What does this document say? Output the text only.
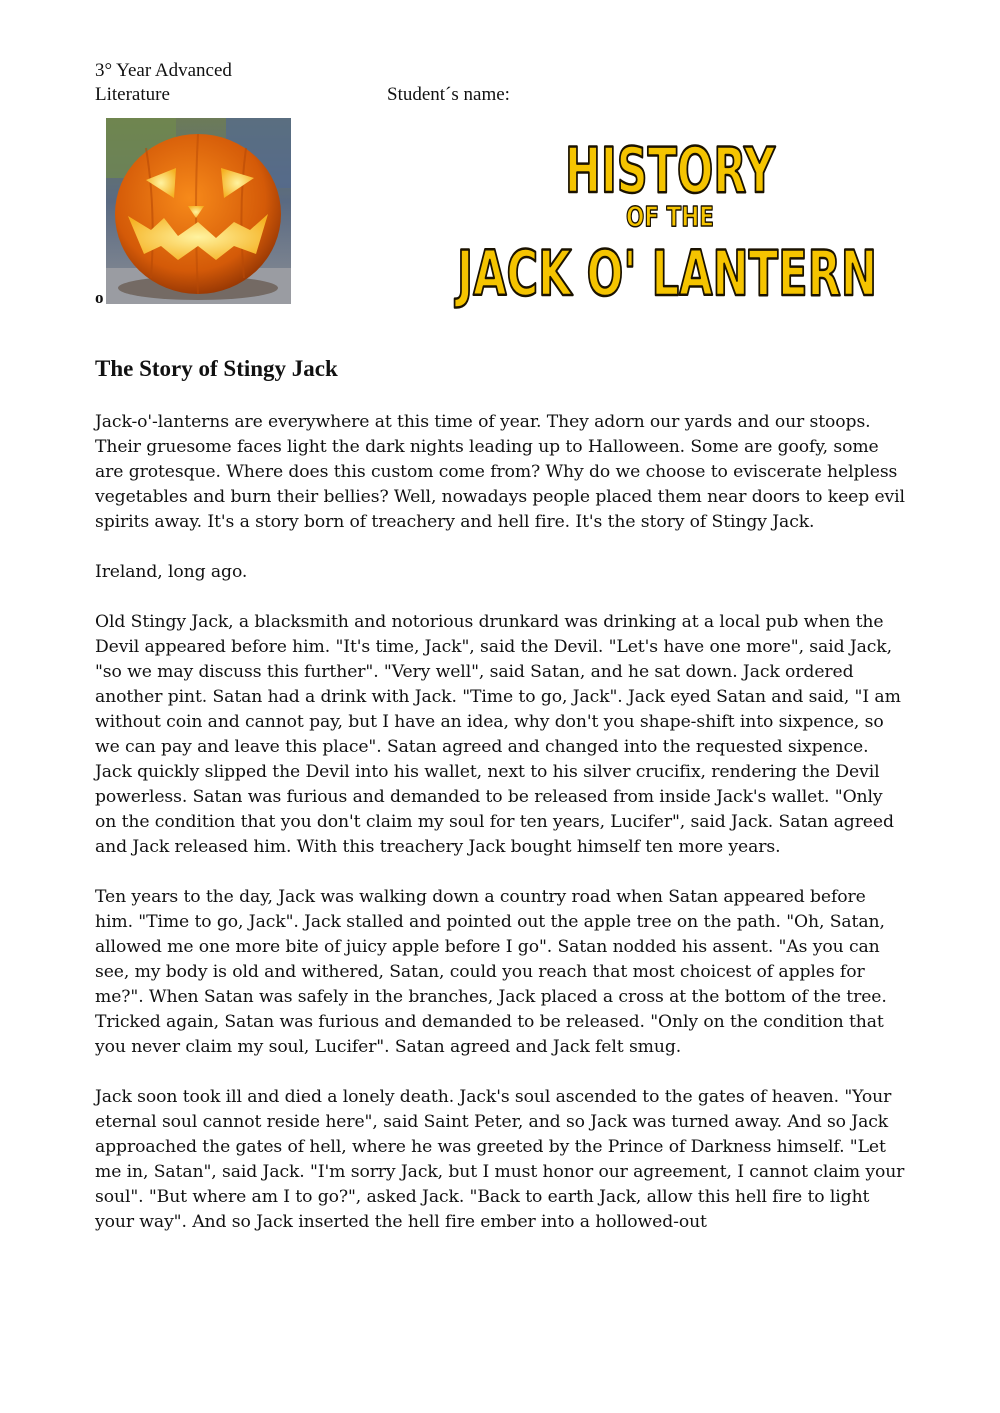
3° Year Advanced
Literature	Student´s name:
o
HISTORY
OF THE
JACK O' LANTERN
The Story of Stingy Jack

Jack-o'-lanterns are everywhere at this time of year. They adorn our yards and our stoops. Their gruesome faces light the dark nights leading up to Halloween. Some are goofy, some are grotesque. Where does this custom come from? Why do we choose to eviscerate helpless vegetables and burn their bellies? Well, nowadays people placed them near doors to keep evil spirits away. It's a story born of treachery and hell fire. It's the story of Stingy Jack.

Ireland, long ago.

Old Stingy Jack, a blacksmith and notorious drunkard was drinking at a local pub when the Devil appeared before him. "It's time, Jack", said the Devil. "Let's have one more", said Jack, "so we may discuss this further". "Very well", said Satan, and he sat down. Jack ordered another pint. Satan had a drink with Jack. "Time to go, Jack". Jack eyed Satan and said, "I am without coin and cannot pay, but I have an idea, why don't you shape-shift into sixpence, so we can pay and leave this place". Satan agreed and changed into the requested sixpence. Jack quickly slipped the Devil into his wallet, next to his silver crucifix, rendering the Devil powerless. Satan was furious and demanded to be released from inside Jack's wallet. "Only on the condition that you don't claim my soul for ten years, Lucifer", said Jack. Satan agreed and Jack released him. With this treachery Jack bought himself ten more years.

Ten years to the day, Jack was walking down a country road when Satan appeared before him. "Time to go, Jack". Jack stalled and pointed out the apple tree on the path. "Oh, Satan, allowed me one more bite of juicy apple before I go". Satan nodded his assent. "As you can see, my body is old and withered, Satan, could you reach that most choicest of apples for me?". When Satan was safely in the branches, Jack placed a cross at the bottom of the tree. Tricked again, Satan was furious and demanded to be released. "Only on the condition that you never claim my soul, Lucifer". Satan agreed and Jack felt smug.

Jack soon took ill and died a lonely death. Jack's soul ascended to the gates of heaven. "Your eternal soul cannot reside here", said Saint Peter, and so Jack was turned away. And so Jack approached the gates of hell, where he was greeted by the Prince of Darkness himself. "Let me in, Satan", said Jack. "I'm sorry Jack, but I must honor our agreement, I cannot claim your soul". "But where am I to go?", asked Jack. "Back to earth Jack, allow this hell fire to light your way". And so Jack inserted the hell fire ember into a hollowed-out
